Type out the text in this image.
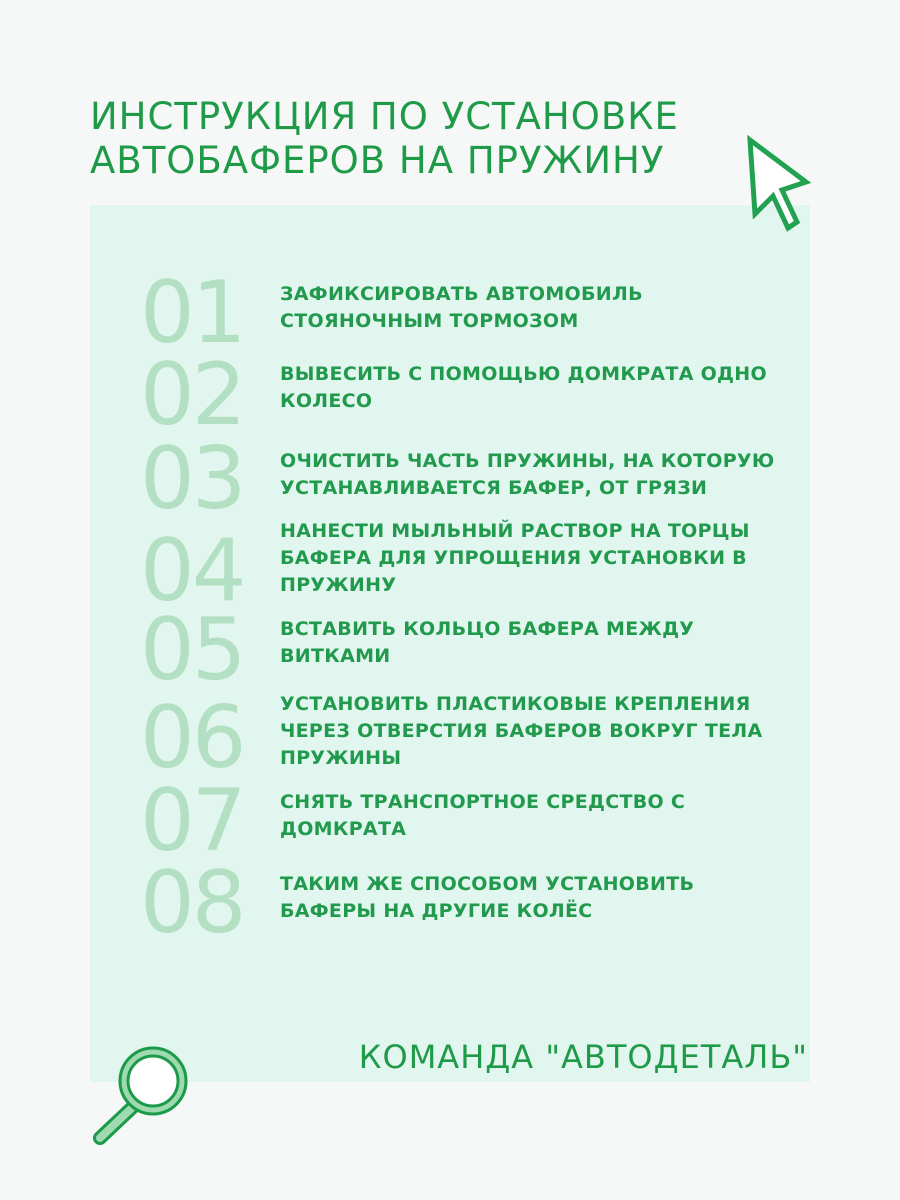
ИНСТРУКЦИЯ ПО УСТАНОВКЕ
АВТОБАФЕРОВ НА ПРУЖИНУ
01 ЗАФИКСИРОВАТЬ АВТОМОБИЛЬ СТОЯНОЧНЫМ ТОРМОЗОМ
02 ВЫВЕСИТЬ С ПОМОЩЬЮ ДОМКРАТА ОДНО КОЛЕСО
03 ОЧИСТИТЬ ЧАСТЬ ПРУЖИНЫ, НА КОТОРУЮ УСТАНАВЛИВАЕТСЯ БАФЕР, ОТ ГРЯЗИ
04 НАНЕСТИ МЫЛЬНЫЙ РАСТВОР НА ТОРЦЫ БАФЕРА ДЛЯ УПРОЩЕНИЯ УСТАНОВКИ В ПРУЖИНУ
05 ВСТАВИТЬ КОЛЬЦО БАФЕРА МЕЖДУ ВИТКАМИ
06 УСТАНОВИТЬ ПЛАСТИКОВЫЕ КРЕПЛЕНИЯ ЧЕРЕЗ ОТВЕРСТИЯ БАФЕРОВ ВОКРУГ ТЕЛА ПРУЖИНЫ
07 СНЯТЬ ТРАНСПОРТНОЕ СРЕДСТВО С ДОМКРАТА
08 ТАКИМ ЖЕ СПОСОБОМ УСТАНОВИТЬ БАФЕРЫ НА ДРУГИЕ КОЛЁС
КОМАНДА "АВТОДЕТАЛЬ"
